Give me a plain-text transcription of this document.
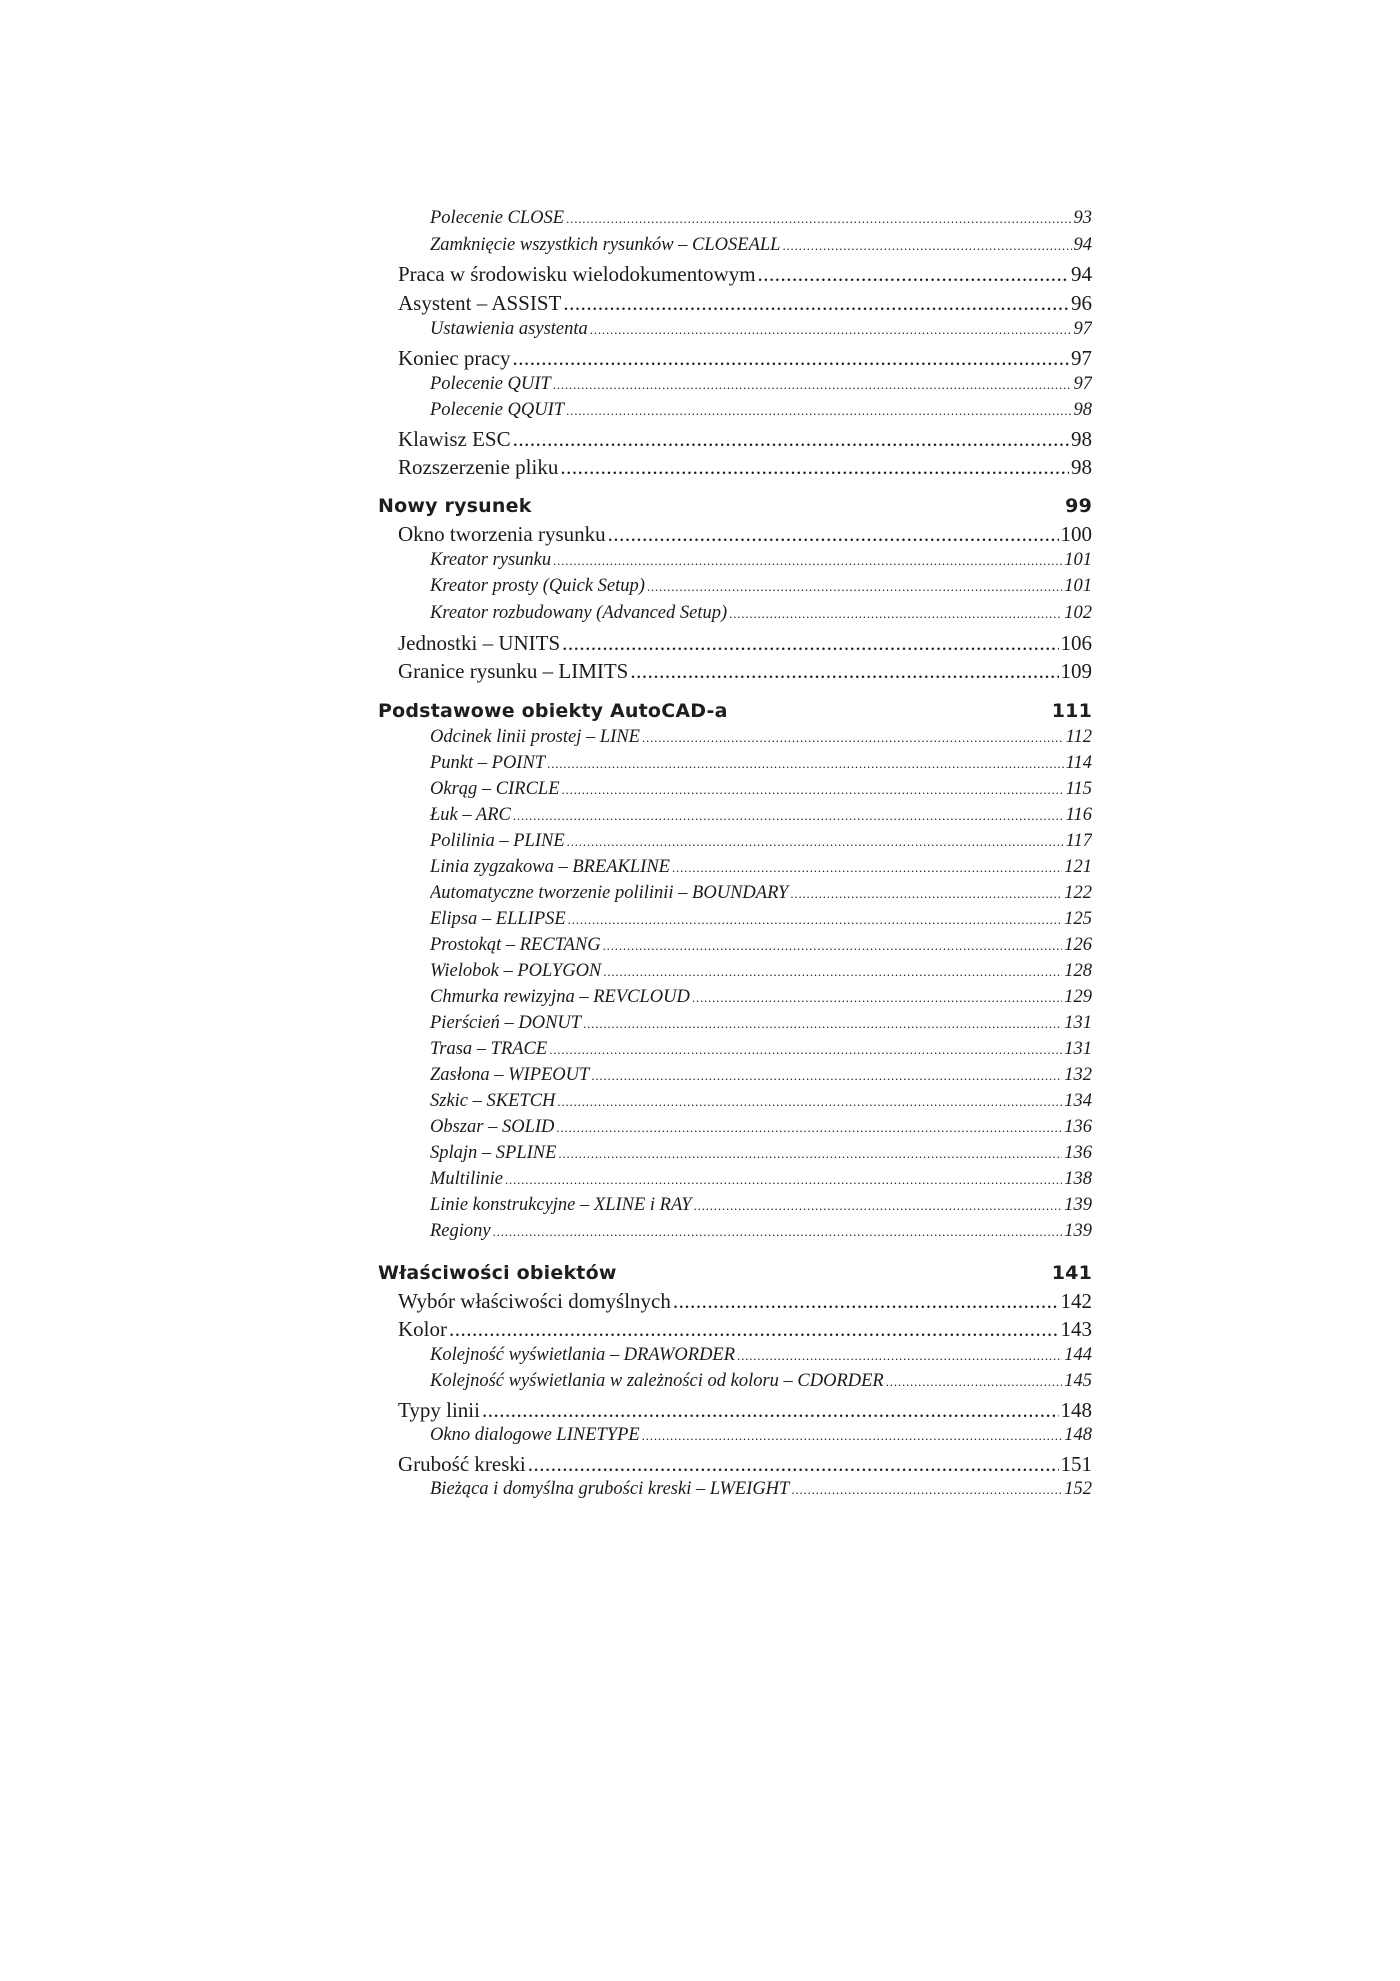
Polecenie CLOSE .....	93
Zamknięcie wszystkich rysunków – CLOSEALL .....	94
Praca w środowisku wielodokumentowym .....	94
Asystent – ASSIST .....	96
Ustawienia asystenta .....	97
Koniec pracy .....	97
Polecenie QUIT .....	97
Polecenie QQUIT .....	98
Klawisz ESC .....	98
Rozszerzenie pliku .....	98
Nowy rysunek	99
Okno tworzenia rysunku .....	100
Kreator rysunku .....	101
Kreator prosty (Quick Setup) .....	101
Kreator rozbudowany (Advanced Setup) .....	102
Jednostki – UNITS .....	106
Granice rysunku – LIMITS .....	109
Podstawowe obiekty AutoCAD-a	111
Odcinek linii prostej – LINE .....	112
Punkt – POINT .....	114
Okrąg – CIRCLE .....	115
Łuk – ARC .....	116
Polilinia – PLINE .....	117
Linia zygzakowa – BREAKLINE .....	121
Automatyczne tworzenie polilinii – BOUNDARY .....	122
Elipsa – ELLIPSE .....	125
Prostokąt – RECTANG .....	126
Wielobok – POLYGON .....	128
Chmurka rewizyjna – REVCLOUD .....	129
Pierścień – DONUT .....	131
Trasa – TRACE .....	131
Zasłona – WIPEOUT .....	132
Szkic – SKETCH .....	134
Obszar – SOLID .....	136
Splajn – SPLINE .....	136
Multilinie .....	138
Linie konstrukcyjne – XLINE i RAY .....	139
Regiony .....	139
Właściwości obiektów	141
Wybór właściwości domyślnych .....	142
Kolor .....	143
Kolejność wyświetlania – DRAWORDER .....	144
Kolejność wyświetlania w zależności od koloru – CDORDER .....	145
Typy linii .....	148
Okno dialogowe LINETYPE .....	148
Grubość kreski .....	151
Bieżąca i domyślna grubości kreski – LWEIGHT .....	152
